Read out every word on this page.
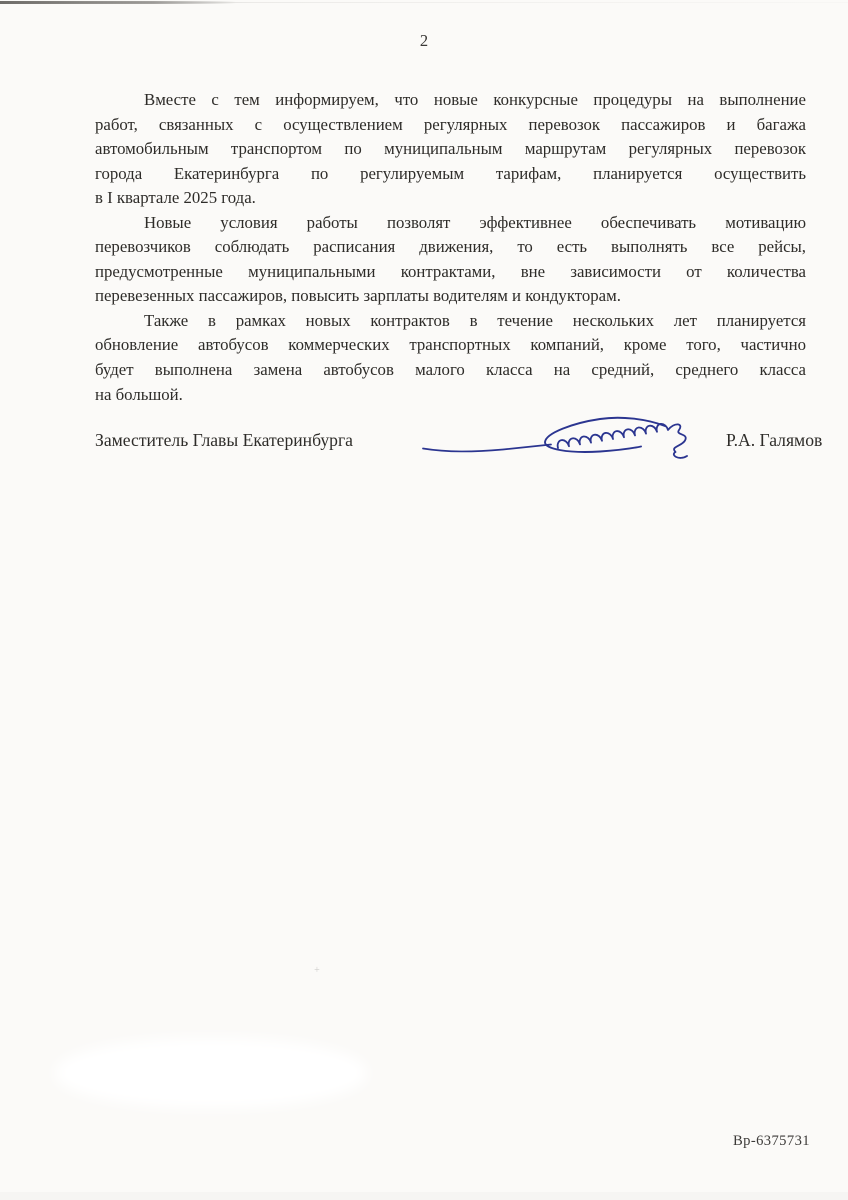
+
2
Вместе с тем информируем, что новые конкурсные процедуры на выполнение
работ, связанных с осуществлением регулярных перевозок пассажиров и багажа
автомобильным транспортом по муниципальным маршрутам регулярных перевозок
города Екатеринбурга по регулируемым тарифам, планируется осуществить
в I квартале 2025 года.
Новые условия работы позволят эффективнее обеспечивать мотивацию
перевозчиков соблюдать расписания движения, то есть выполнять все рейсы,
предусмотренные муниципальными контрактами, вне зависимости от количества
перевезенных пассажиров, повысить зарплаты водителям и кондукторам.
Также в рамках новых контрактов в течение нескольких лет планируется
обновление автобусов коммерческих транспортных компаний, кроме того, частично
будет выполнена замена автобусов малого класса на средний, среднего класса
на большой.
Заместитель Главы Екатеринбурга	Р.А. Галямов
Вр-6375731
